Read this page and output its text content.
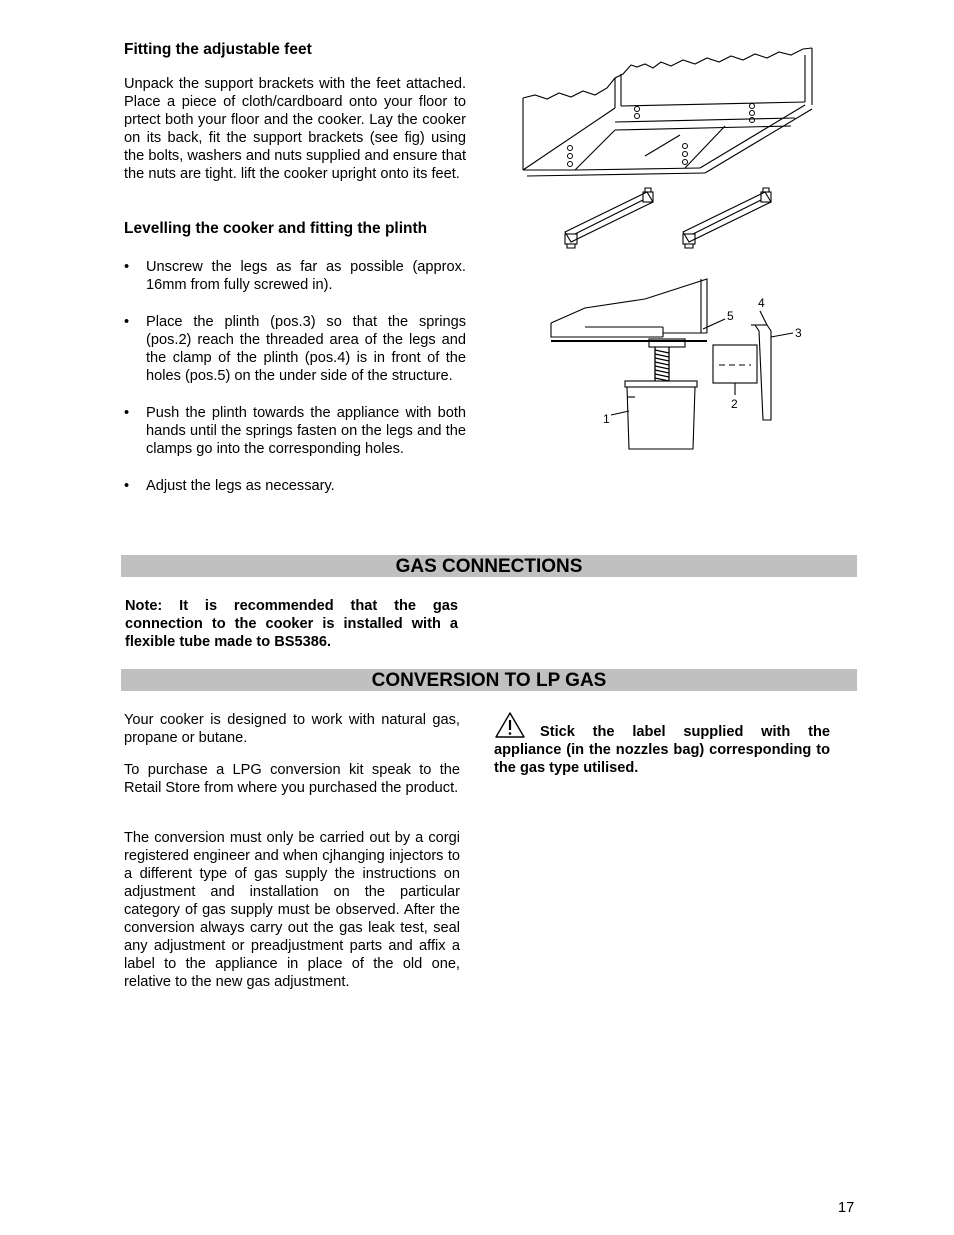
Fitting the adjustable feet
Unpack the support brackets with the feet attached. Place a piece of cloth/cardboard onto your floor to prtect both your floor and the cooker. Lay the cooker on its back, fit the support brackets (see fig) using the bolts, washers and nuts supplied and ensure that the nuts are tight. lift the cooker upright onto its feet.
Levelling the cooker and fitting the plinth
• Unscrew the legs as far as possible (approx. 16mm from fully screwed in).
• Place the plinth (pos.3) so that the springs (pos.2) reach the threaded area of the legs and the clamp of the plinth (pos.4) is in front of the holes (pos.5) on the under side of the structure.
• Push the plinth towards the appliance with both hands until the springs fasten on the legs and the clamps go into the corresponding holes.
• Adjust the legs as necessary.
1
2
3
4
5
GAS CONNECTIONS
Note: It is recommended that the gas connection to the cooker is installed with a flexible tube made to BS5386.
CONVERSION TO LP GAS
Your cooker is designed to work with natural gas, propane or butane.
To purchase a LPG conversion kit speak to the Retail Store from where you purchased the product.
The conversion must only be carried out by a corgi registered engineer and when cjhanging injectors to a different type of gas supply the instructions on adjustment and installation on the particular category of gas supply must be observed. After the conversion always carry out the gas leak test, seal any adjustment or preadjustment parts and affix a label to the appliance in place of the old one, relative to the new gas adjustment.
Stick the label supplied with the appliance (in the nozzles bag) corresponding to the gas type utilised.
17
